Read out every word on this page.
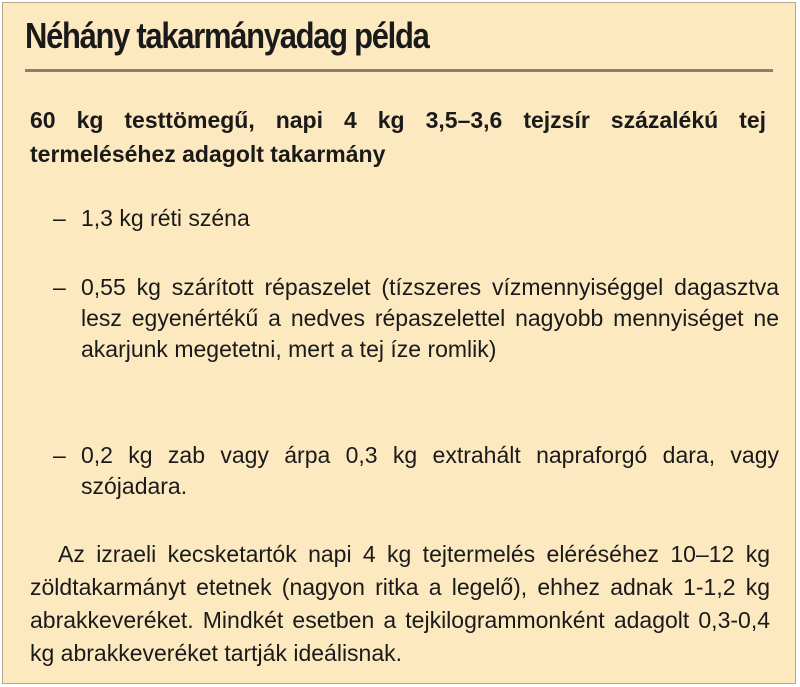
Néhány takarmányadag példa

60 kg testtömegű, napi 4 kg 3,5–3,6 tejzsír százalékú tej termeléséhez adagolt takarmány

– 1,3 kg réti széna
– 0,55 kg szárított répaszelet (tízszeres vízmennyiséggel dagasztva lesz egyenértékű a nedves répaszelettel nagyobb mennyiséget ne akarjunk megetetni, mert a tej íze romlik)
– 0,2 kg zab vagy árpa 0,3 kg extrahált napraforgó dara, vagy szójadara.

Az izraeli kecsketartók napi 4 kg tejtermelés eléréséhez 10–12 kg zöldtakarmányt etetnek (nagyon ritka a legelő), ehhez adnak 1-1,2 kg abrakkeveréket. Mindkét esetben a tejkilogrammonként adagolt 0,3-0,4 kg abrakkeveréket tartják ideálisnak.
